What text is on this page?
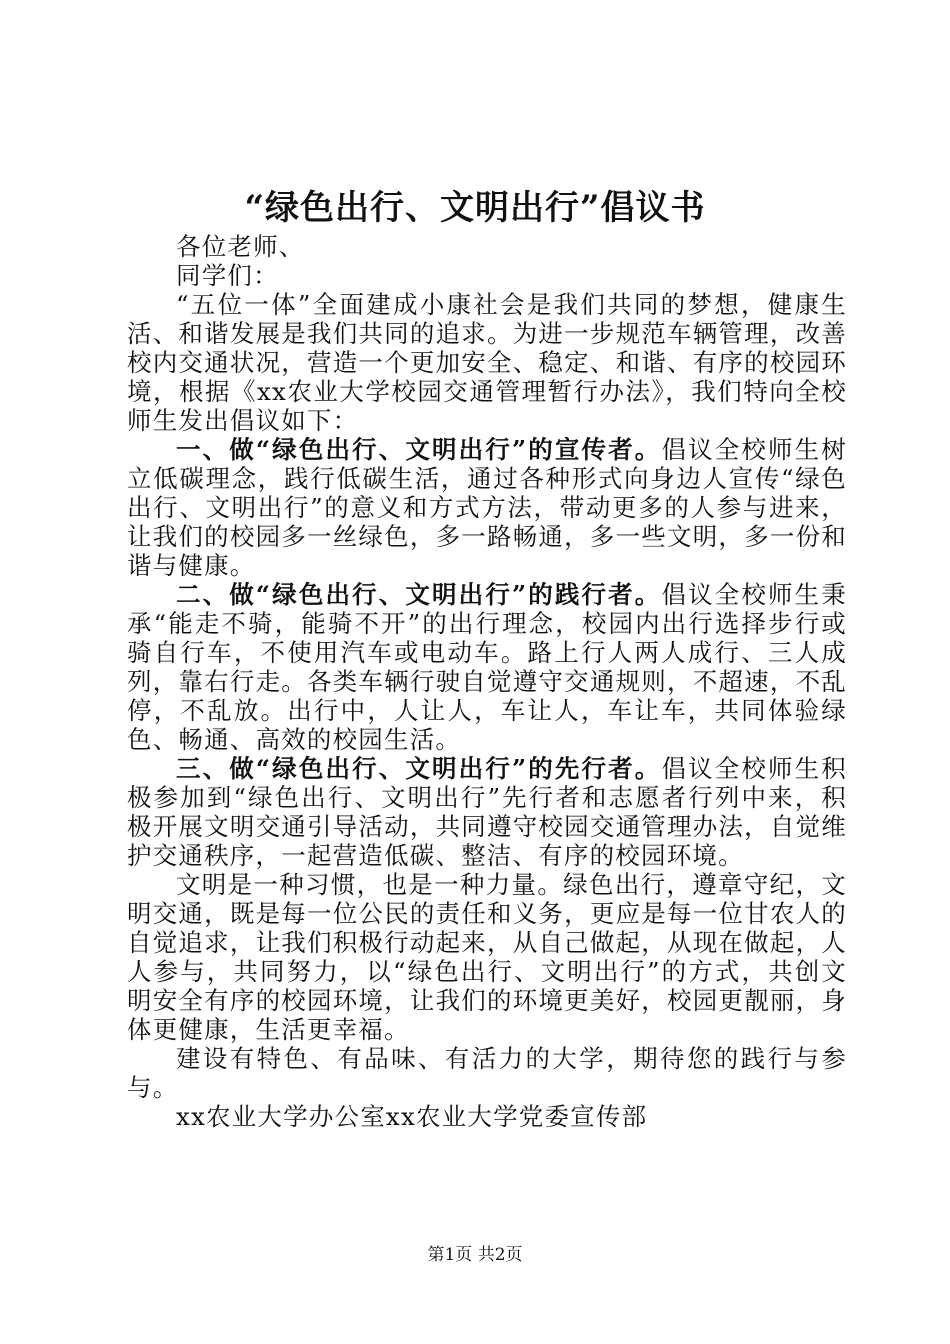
“绿色出行、文明出行”倡议书

各位老师、

同学们：

“五位一体”全面建成小康社会是我们共同的梦想，健康生活、和谐发展是我们共同的追求。为进一步规范车辆管理，改善校内交通状况，营造一个更加安全、稳定、和谐、有序的校园环境，根据《xx农业大学校园交通管理暂行办法》，我们特向全校师生发出倡议如下：

一、做“绿色出行、文明出行”的宣传者。倡议全校师生树立低碳理念，践行低碳生活，通过各种形式向身边人宣传“绿色出行、文明出行”的意义和方式方法，带动更多的人参与进来，让我们的校园多一丝绿色，多一路畅通，多一些文明，多一份和谐与健康。

二、做“绿色出行、文明出行”的践行者。倡议全校师生秉承“能走不骑，能骑不开”的出行理念，校园内出行选择步行或骑自行车，不使用汽车或电动车。路上行人两人成行、三人成列，靠右行走。各类车辆行驶自觉遵守交通规则，不超速，不乱停，不乱放。出行中，人让人，车让人，车让车，共同体验绿色、畅通、高效的校园生活。

三、做“绿色出行、文明出行”的先行者。倡议全校师生积极参加到“绿色出行、文明出行”先行者和志愿者行列中来，积极开展文明交通引导活动，共同遵守校园交通管理办法，自觉维护交通秩序，一起营造低碳、整洁、有序的校园环境。

文明是一种习惯，也是一种力量。绿色出行，遵章守纪，文明交通，既是每一位公民的责任和义务，更应是每一位甘农人的自觉追求，让我们积极行动起来，从自己做起，从现在做起，人人参与，共同努力，以“绿色出行、文明出行”的方式，共创文明安全有序的校园环境，让我们的环境更美好，校园更靓丽，身体更健康，生活更幸福。

建设有特色、有品味、有活力的大学，期待您的践行与参与。

xx农业大学办公室xx农业大学党委宣传部

第1页 共2页
